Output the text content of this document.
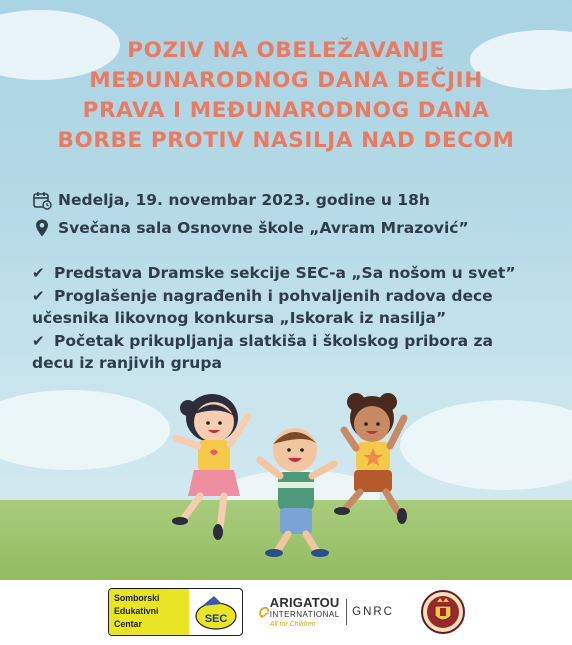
POZIV NA OBELEŽAVANJE
MEĐUNARODNOG DANA DEČJIH
PRAVA I MEĐUNARODNOG DANA
BORBE PROTIV NASILJA NAD DECOM
Nedelja, 19. novembar 2023. godine u 18h
Svečana sala Osnovne škole „Avram Mrazović”
✔ Predstava Dramske sekcije SEC-a „Sa nošom u svet”
✔ Proglašenje nagrađenih i pohvaljenih radova dece
učesnika likovnog konkursa „Iskorak iz nasilja”
✔ Početak prikupljanja slatkiša i školskog pribora za
decu iz ranjivih grupa
Somborski
Edukativni
Centar	SEC
ARIGATOU
INTERNATIONAL
All for Children
GNRC
